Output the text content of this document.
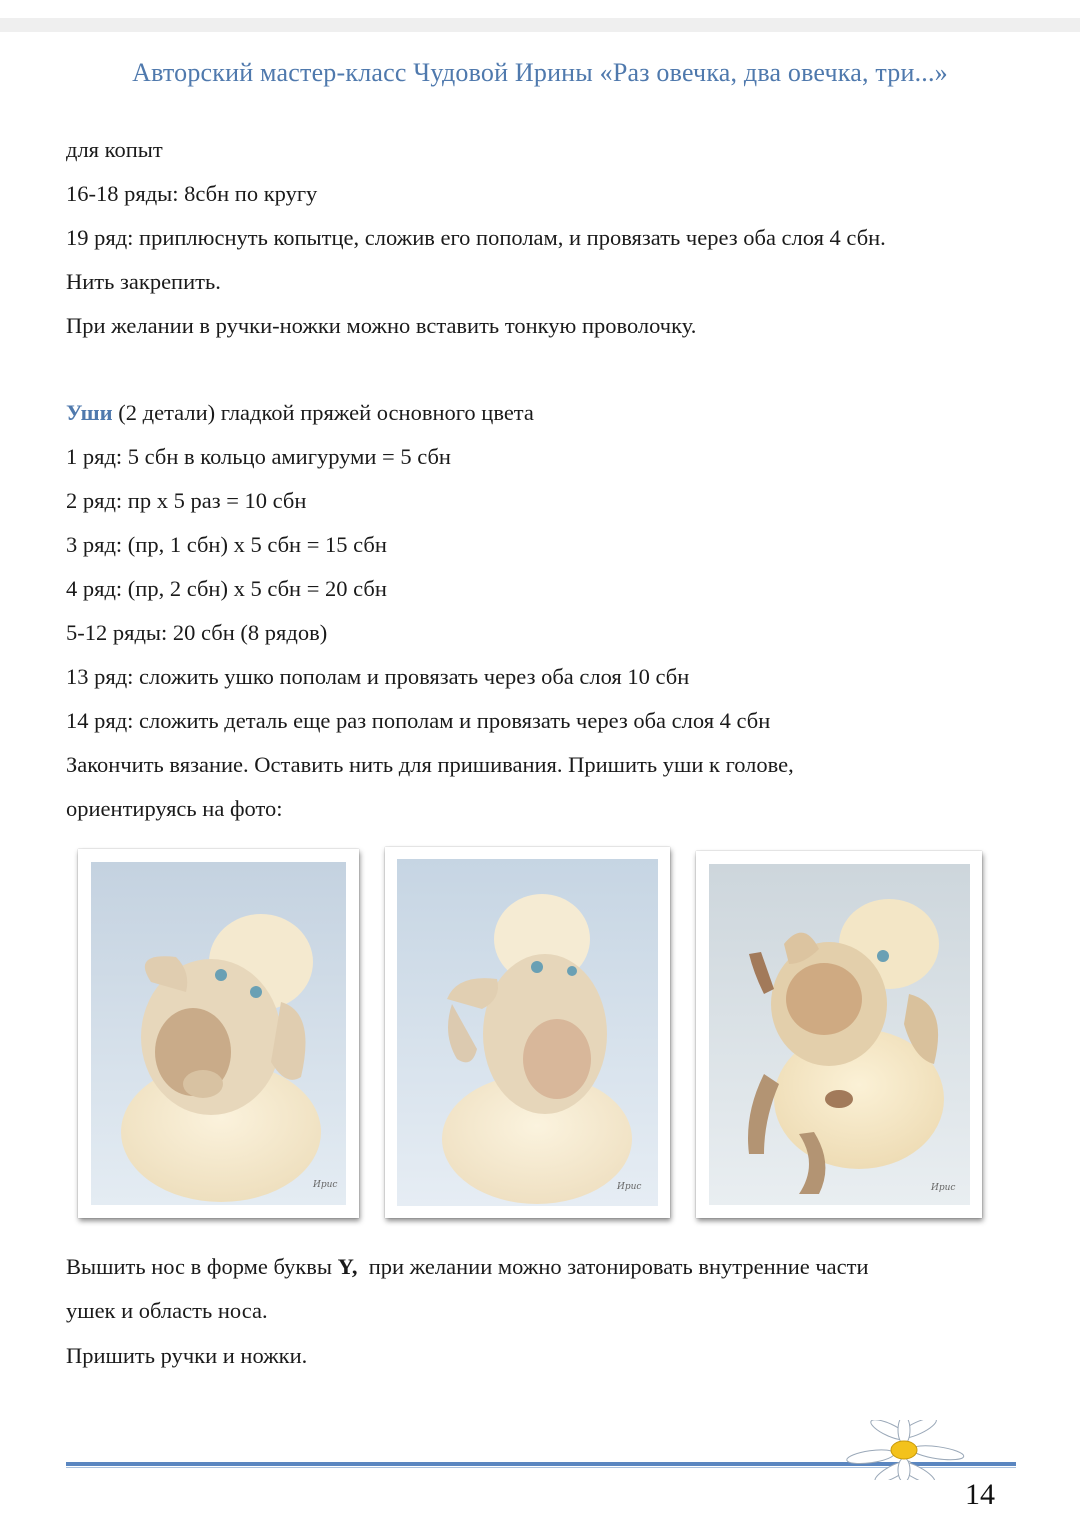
Авторский мастер-класс Чудовой Ирины «Раз овечка, два овечка, три...»
для копыт
16-18 ряды: 8сбн по кругу
19 ряд: приплюснуть копытце, сложив его пополам, и провязать через оба слоя 4 сбн.
Нить закрепить.
При желании в ручки-ножки можно вставить тонкую проволочку.
Уши (2 детали) гладкой пряжей основного цвета
1 ряд: 5 сбн в кольцо амигуруми = 5 сбн
2 ряд: пр х 5 раз = 10 сбн
3 ряд: (пр, 1 сбн) х 5 сбн = 15 сбн
4 ряд: (пр, 2 сбн) х 5 сбн = 20 сбн
5-12 ряды: 20 сбн (8 рядов)
13 ряд: сложить ушко пополам и провязать через оба слоя 10 сбн
14 ряд: сложить деталь еще раз пополам и провязать через оба слоя 4 сбн
Закончить вязание. Оставить нить для пришивания. Пришить уши к голове,
ориентируясь на фото:
Ирис	Ирис	Ирис
Вышить нос в форме буквы Y,  при желании можно затонировать внутренние части
ушек и область носа.
Пришить ручки и ножки.
14
